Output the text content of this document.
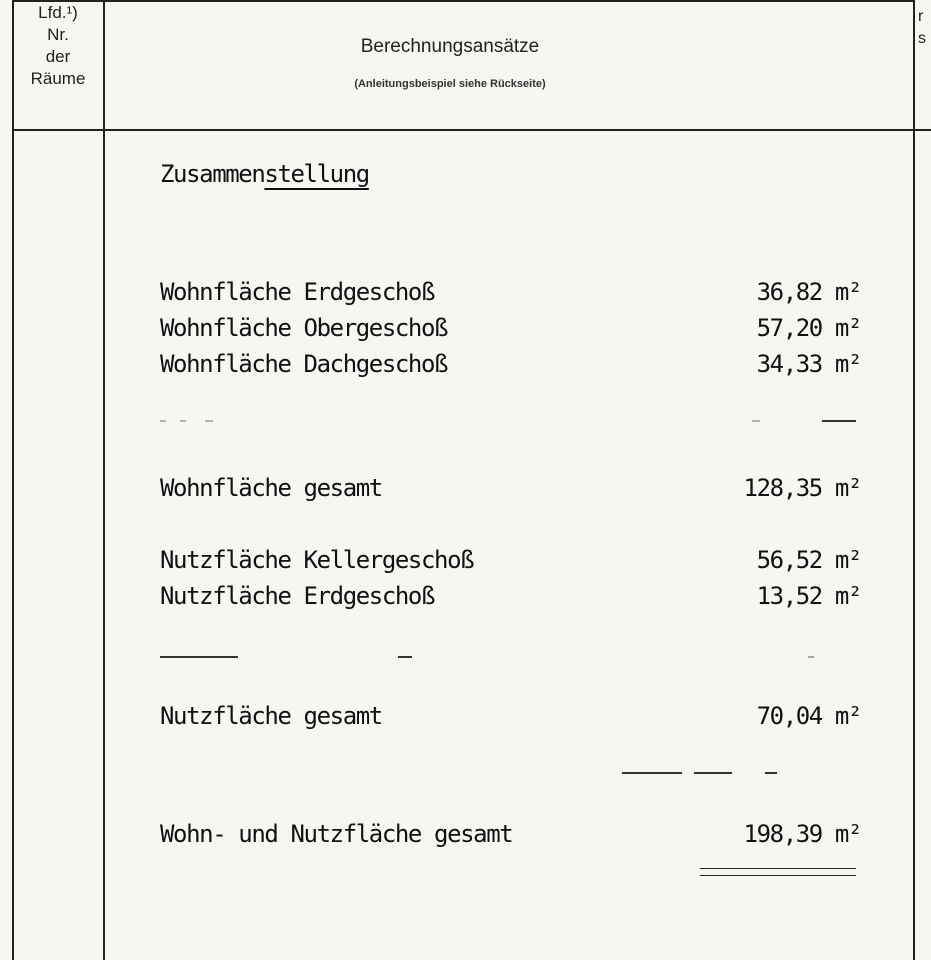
Lfd.¹)
Nr.
der
Räume
Berechnungsansätze
(Anleitungsbeispiel siehe Rückseite)
r
s
Zusammenstellung
Wohnfläche Erdgeschoß	36,82 m²
Wohnfläche Obergeschoß	57,20 m²
Wohnfläche Dachgeschoß	34,33 m²
Wohnfläche gesamt	128,35 m²
Nutzfläche Kellergeschoß	56,52 m²
Nutzfläche Erdgeschoß	13,52 m²
Nutzfläche gesamt	70,04 m²
Wohn- und Nutzfläche gesamt	198,39 m²
